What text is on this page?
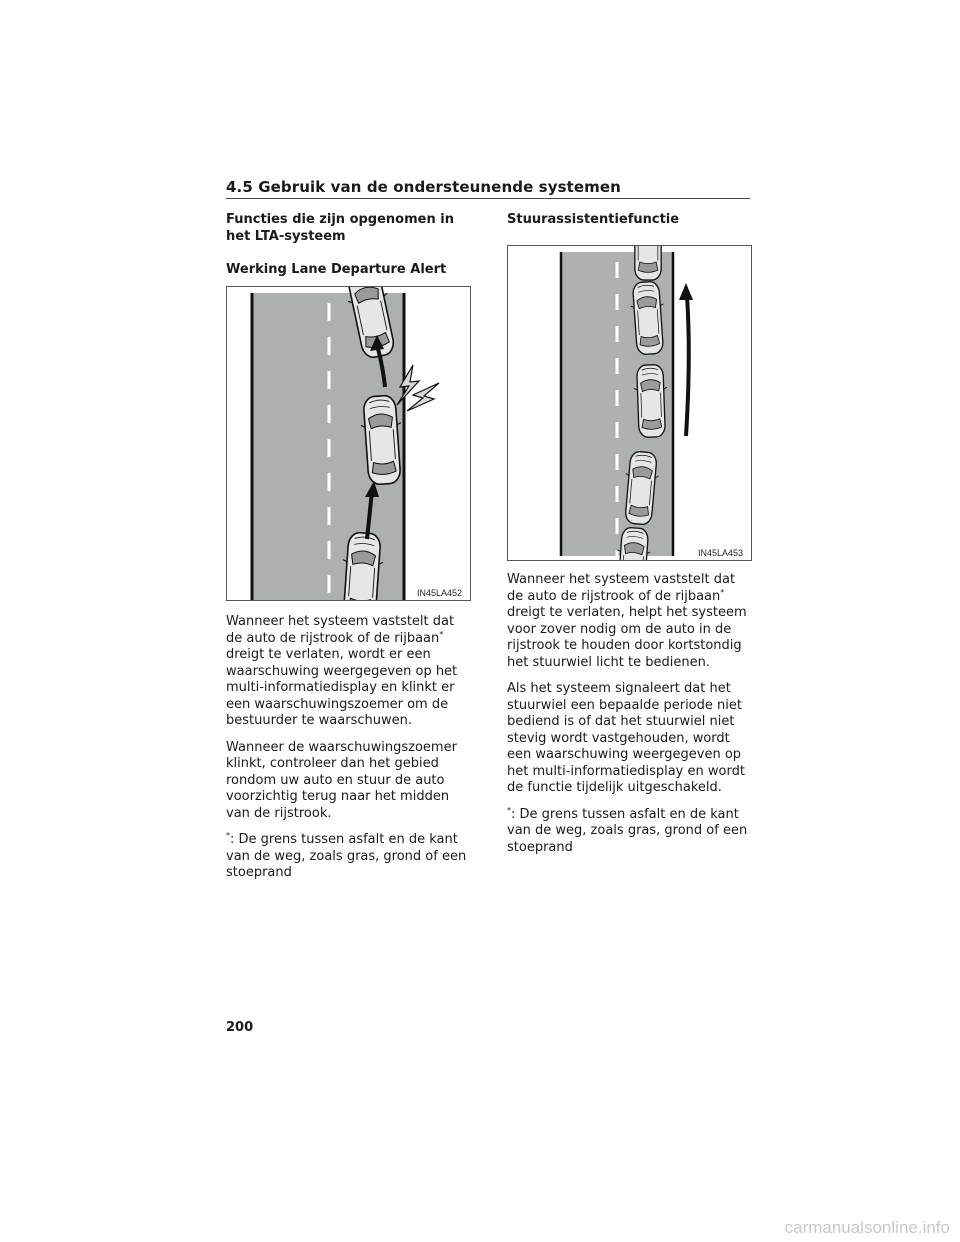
4.5 Gebruik van de ondersteunende systemen

Functies die zijn opgenomen in het LTA-systeem

Werking Lane Departure Alert

IN45LA452

Wanneer het systeem vaststelt dat de auto de rijstrook of de rijbaan* dreigt te verlaten, wordt er een waarschuwing weergegeven op het multi-informatiedisplay en klinkt er een waarschuwingszoemer om de bestuurder te waarschuwen.

Wanneer de waarschuwingszoemer klinkt, controleer dan het gebied rondom uw auto en stuur de auto voorzichtig terug naar het midden van de rijstrook.

*: De grens tussen asfalt en de kant van de weg, zoals gras, grond of een stoeprand

Stuurassistentiefunctie

IN45LA453

Wanneer het systeem vaststelt dat de auto de rijstrook of de rijbaan* dreigt te verlaten, helpt het systeem voor zover nodig om de auto in de rijstrook te houden door kortstondig het stuurwiel licht te bedienen.

Als het systeem signaleert dat het stuurwiel een bepaalde periode niet bediend is of dat het stuurwiel niet stevig wordt vastgehouden, wordt een waarschuwing weergegeven op het multi-informatiedisplay en wordt de functie tijdelijk uitgeschakeld.

*: De grens tussen asfalt en de kant van de weg, zoals gras, grond of een stoeprand

200
carmanualsonline.info
